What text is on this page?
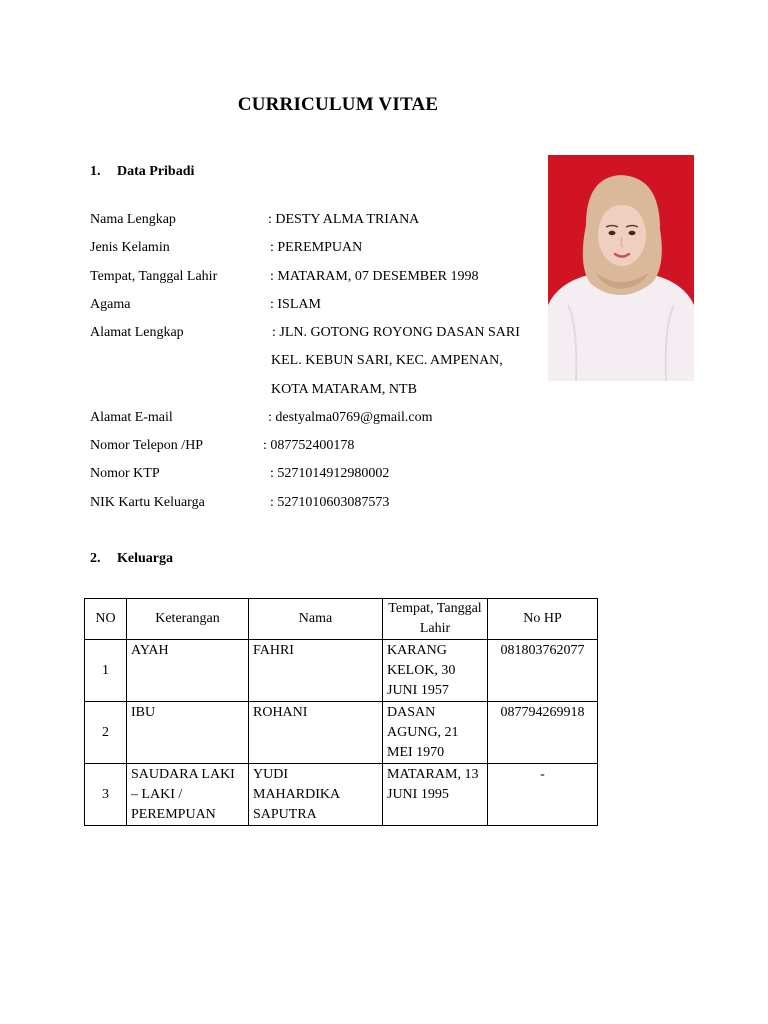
CURRICULUM VITAE
1. Data Pribadi
Nama Lengkap	: DESTY ALMA TRIANA
Jenis Kelamin	: PEREMPUAN
Tempat, Tanggal Lahir	: MATARAM, 07 DESEMBER 1998
Agama	: ISLAM
Alamat Lengkap	: JLN. GOTONG ROYONG DASAN SARI
KEL. KEBUN SARI, KEC. AMPENAN,
KOTA MATARAM, NTB
Alamat E-mail	: destyalma0769@gmail.com
Nomor Telepon /HP	: 087752400178
Nomor KTP	: 5271014912980002
NIK Kartu Keluarga	: 5271010603087573
2. Keluarga
NO	Keterangan	Nama	Tempat, Tanggal Lahir	No HP
1	AYAH	FAHRI	KARANG KELOK, 30 JUNI 1957	081803762077
2	IBU	ROHANI	DASAN AGUNG, 21 MEI 1970	087794269918
3	SAUDARA LAKI – LAKI / PEREMPUAN	YUDI MAHARDIKA SAPUTRA	MATARAM, 13 JUNI 1995	-
